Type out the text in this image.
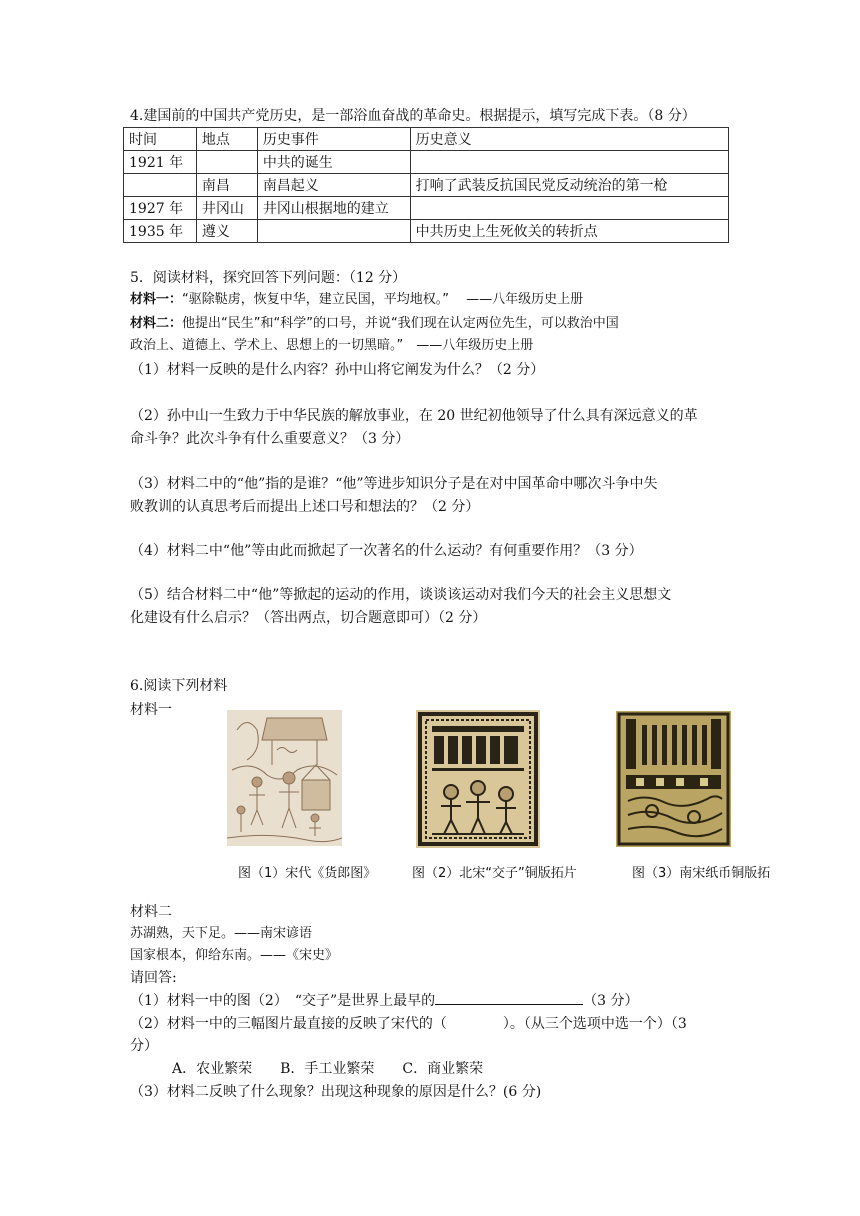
4.建国前的中国共产党历史，是一部浴血奋战的革命史。根据提示，填写完成下表。（8 分）
时间	地点	历史事件	历史意义
1921 年		中共的诞生	
	南昌	南昌起义	打响了武装反抗国民党反动统治的第一枪
1927 年	井冈山	井冈山根据地的建立	
1935 年	遵义		中共历史上生死攸关的转折点
5．阅读材料，探究回答下列问题：（12 分）
材料一：“驱除鞑虏，恢复中华，建立民国，平均地权。”　 ——八年级历史上册
材料二：他提出“民生”和“科学”的口号，并说“我们现在认定两位先生，可以救治中国
政治上、道德上、学术上、思想上的一切黑暗。”　——八年级历史上册
（1）材料一反映的是什么内容？孙中山将它阐发为什么？（2 分）
（2）孙中山一生致力于中华民族的解放事业，在 20 世纪初他领导了什么具有深远意义的革
命斗争？此次斗争有什么重要意义？（3 分）
（3）材料二中的“他”指的是谁？“他”等进步知识分子是在对中国革命中哪次斗争中失
败教训的认真思考后而提出上述口号和想法的？（2 分）
（4）材料二中“他”等由此而掀起了一次著名的什么运动？有何重要作用？（3 分）
（5）结合材料二中“他”等掀起的运动的作用，谈谈该运动对我们今天的社会主义思想文
化建设有什么启示？（答出两点，切合题意即可）（2 分）
6.阅读下列材料
材料一
图（1）宋代《货郎图》	图（2）北宋“交子”铜版拓片	图（3）南宋纸币铜版拓
材料二
苏湖熟，天下足。——南宋谚语
国家根本，仰给东南。——《宋史》
请回答:
（1）材料一中的图（2）　“交子”是世界上最早的	（3 分）
（2）材料一中的三幅图片最直接的反映了宋代的（　　　　）。（从三个选项中选一个）（3
分）
A．农业繁荣　　B．手工业繁荣　　C．商业繁荣
（3）材料二反映了什么现象？出现这种现象的原因是什么？(6 分)
